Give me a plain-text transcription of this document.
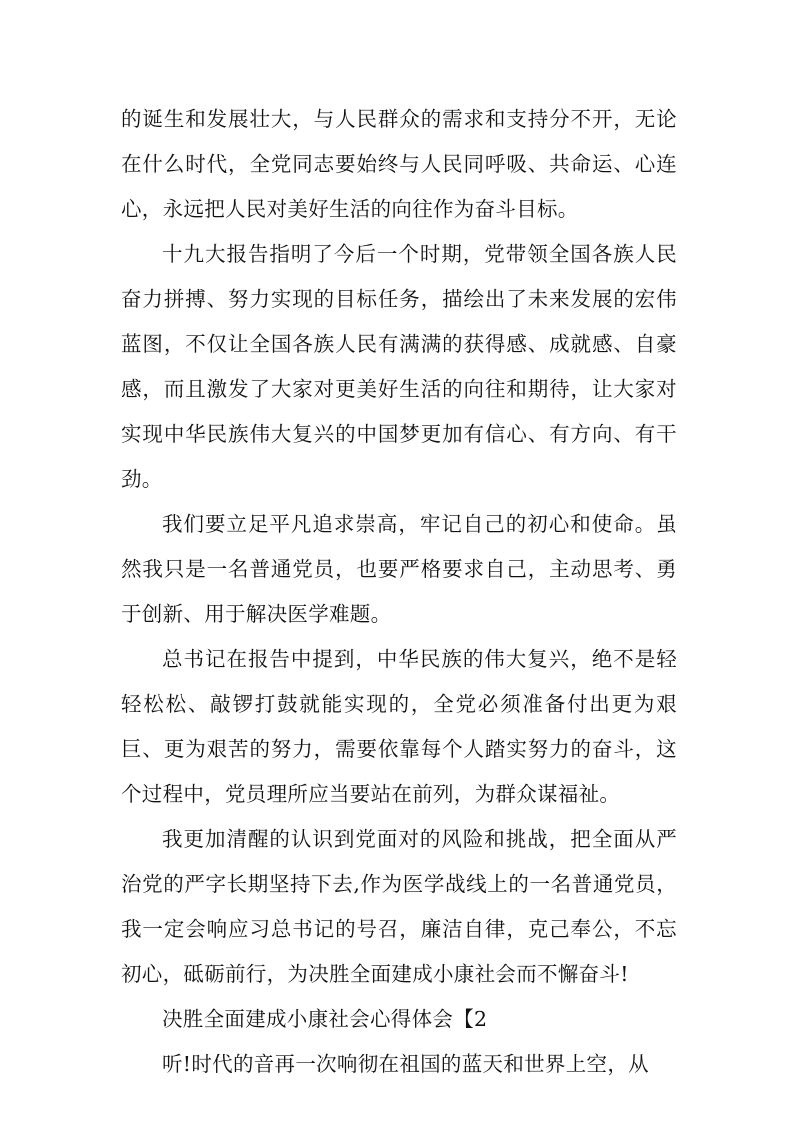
的诞生和发展壮大，与人民群众的需求和支持分不开，无论在什么时代，全党同志要始终与人民同呼吸、共命运、心连心，永远把人民对美好生活的向往作为奋斗目标。

十九大报告指明了今后一个时期，党带领全国各族人民奋力拼搏、努力实现的目标任务，描绘出了未来发展的宏伟蓝图，不仅让全国各族人民有满满的获得感、成就感、自豪感，而且激发了大家对更美好生活的向往和期待，让大家对实现中华民族伟大复兴的中国梦更加有信心、有方向、有干劲。

我们要立足平凡追求崇高，牢记自己的初心和使命。虽然我只是一名普通党员，也要严格要求自己，主动思考、勇于创新、用于解决医学难题。

总书记在报告中提到，中华民族的伟大复兴，绝不是轻轻松松、敲锣打鼓就能实现的，全党必须准备付出更为艰巨、更为艰苦的努力，需要依靠每个人踏实努力的奋斗，这个过程中，党员理所应当要站在前列，为群众谋福祉。

我更加清醒的认识到党面对的风险和挑战，把全面从严治党的严字长期坚持下去,作为医学战线上的一名普通党员，我一定会响应习总书记的号召，廉洁自律，克己奉公，不忘初心，砥砺前行，为决胜全面建成小康社会而不懈奋斗!

决胜全面建成小康社会心得体会【2

听!时代的音再一次响彻在祖国的蓝天和世界上空，从
